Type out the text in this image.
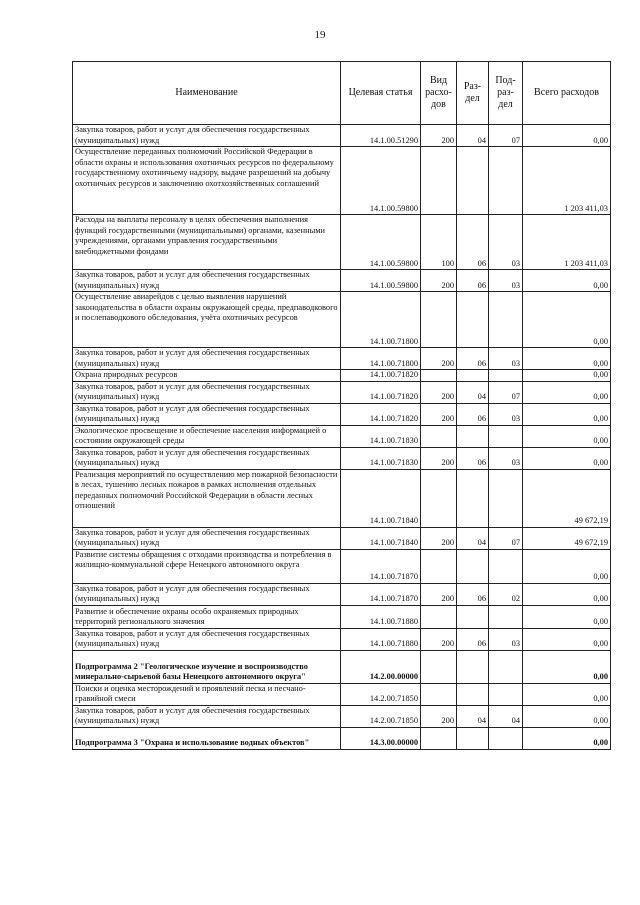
19
Наименование	Целевая статья	Вид расхо-дов	Раз-дел	Под-раз-дел	Всего расходов
Закупка товаров, работ и услуг для обеспечения государственных (муниципальных) нужд	14.1.00.51290	200	04	07	0,00
Осуществление переданных полномочий Российской Федерации в области охраны и использования охотничьих ресурсов по федеральному государственному охотничьему надзору, выдаче разрешений на добычу охотничьих ресурсов и заключению охотхозяйственных соглашений	14.1.00.59800				1 203 411,03
Расходы на выплаты персоналу в целях обеспечения выполнения функций государственными (муниципальными) органами, казенными учреждениями, органами управления государственными внебюджетными фондами	14.1.00.59800	100	06	03	1 203 411,03
Закупка товаров, работ и услуг для обеспечения государственных (муниципальных) нужд	14.1.00.59800	200	06	03	0,00
Осуществление авиарейдов с целью выявления нарушений законодательства в области охраны окружающей среды, предпаводкового и послепаводкового обследования, учёта охотничьих ресурсов	14.1.00.71800				0,00
Закупка товаров, работ и услуг для обеспечения государственных (муниципальных) нужд	14.1.00.71800	200	06	03	0,00
Охрана природных ресурсов	14.1.00.71820				0,00
Закупка товаров, работ и услуг для обеспечения государственных (муниципальных) нужд	14.1.00.71820	200	04	07	0,00
Закупка товаров, работ и услуг для обеспечения государственных (муниципальных) нужд	14.1.00.71820	200	06	03	0,00
Экологическое просвещение и обеспечение населения информацией о состоянии окружающей среды	14.1.00.71830				0,00
Закупка товаров, работ и услуг для обеспечения государственных (муниципальных) нужд	14.1.00.71830	200	06	03	0,00
Реализация мероприятий по осуществлению мер пожарной безопасности в лесах, тушению лесных пожаров в рамках исполнения отдельных переданных полномочий Российской Федерации в области лесных отношений	14.1.00.71840				49 672,19
Закупка товаров, работ и услуг для обеспечения государственных (муниципальных) нужд	14.1.00.71840	200	04	07	49 672,19
Развитие системы обращения с отходами производства и потребления в жилищно-коммунальной сфере Ненецкого автономного округа	14.1.00.71870				0,00
Закупка товаров, работ и услуг для обеспечения государственных (муниципальных) нужд	14.1.00.71870	200	06	02	0,00
Развитие и обеспечение охраны особо охраняемых природных территорий регионального значения	14.1.00.71880				0,00
Закупка товаров, работ и услуг для обеспечения государственных (муниципальных) нужд	14.1.00.71880	200	06	03	0,00
Подпрограмма 2 "Геологическое изучение и воспроизводство минерально-сырьевой базы Ненецкого автономного округа"	14.2.00.00000				0,00
Поиски и оценка месторождений и проявлений песка и песчано-гравийной смеси	14.2.00.71850				0,00
Закупка товаров, работ и услуг для обеспечения государственных (муниципальных) нужд	14.2.00.71850	200	04	04	0,00
Подпрограмма 3 "Охрана и использование водных объектов"	14.3.00.00000				0,00
